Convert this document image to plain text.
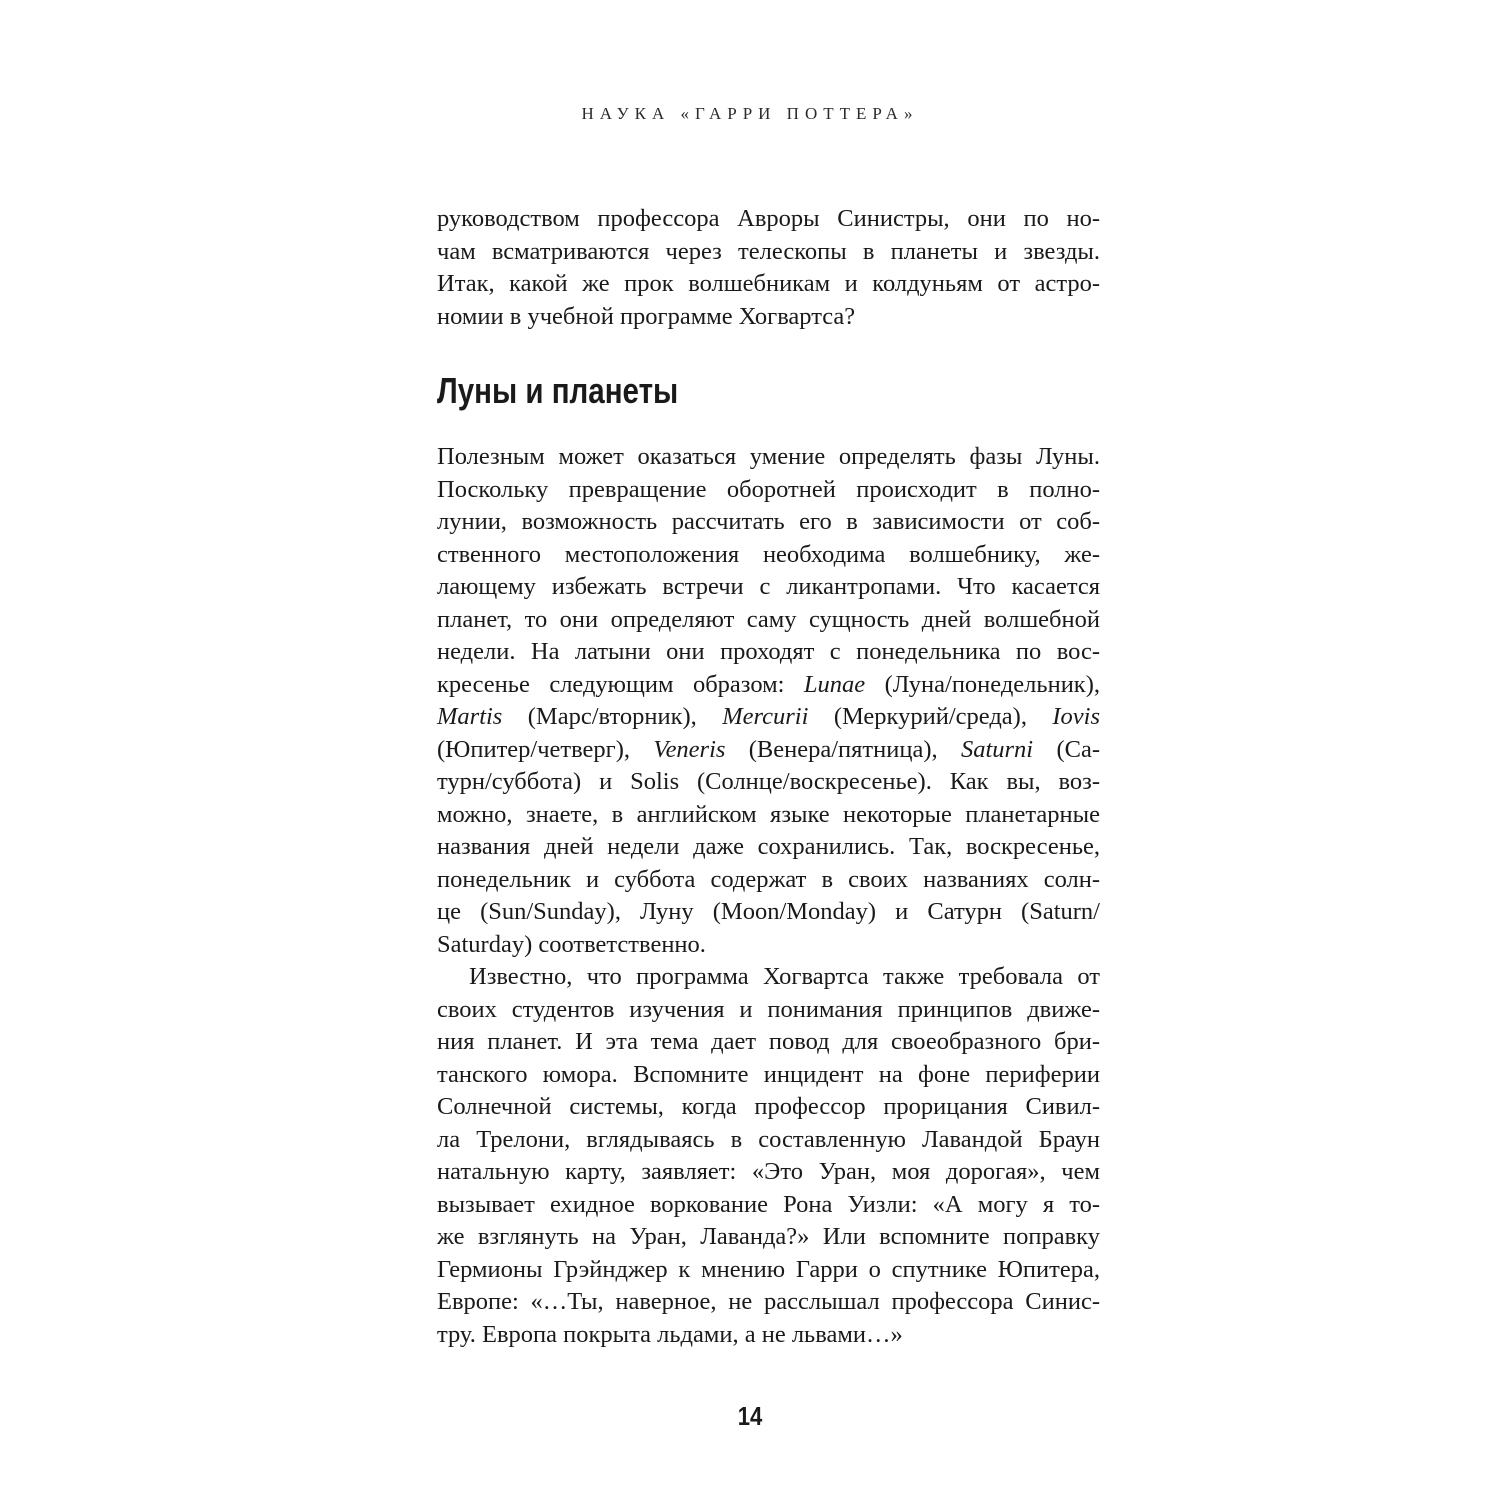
НАУКА «ГАРРИ ПОТТЕРА»
руководством профессора Авроры Синистры, они по но-
чам всматриваются через телескопы в планеты и звезды.
Итак, какой же прок волшебникам и колдуньям от астро-
номии в учебной программе Хогвартса?
Луны и планеты
Полезным может оказаться умение определять фазы Луны.
Поскольку превращение оборотней происходит в полно-
лунии, возможность рассчитать его в зависимости от соб-
ственного местоположения необходима волшебнику, же-
лающему избежать встречи с ликантропами. Что касается
планет, то они определяют саму сущность дней волшебной
недели. На латыни они проходят с понедельника по вос-
кресенье следующим образом: Lunae (Луна/понедельник),
Martis (Марс/вторник), Mercurii (Меркурий/среда), Iovis
(Юпитер/четверг), Veneris (Венера/пятница), Saturni (Са-
турн/суббота) и Solis (Солнце/воскресенье). Как вы, воз-
можно, знаете, в английском языке некоторые планетарные
названия дней недели даже сохранились. Так, воскресенье,
понедельник и суббота содержат в своих названиях солн-
це (Sun/Sunday), Луну (Moon/Monday) и Сатурн (Saturn/
Saturday) соответственно.
Известно, что программа Хогвартса также требовала от
своих студентов изучения и понимания принципов движе-
ния планет. И эта тема дает повод для своеобразного бри-
танского юмора. Вспомните инцидент на фоне периферии
Солнечной системы, когда профессор прорицания Сивил-
ла Трелони, вглядываясь в составленную Лавандой Браун
натальную карту, заявляет: «Это Уран, моя дорогая», чем
вызывает ехидное воркование Рона Уизли: «А могу я то-
же взглянуть на Уран, Лаванда?» Или вспомните поправку
Гермионы Грэйнджер к мнению Гарри о спутнике Юпитера,
Европе: «…Ты, наверное, не расслышал профессора Синис-
тру. Европа покрыта льдами, а не львами…»
14
